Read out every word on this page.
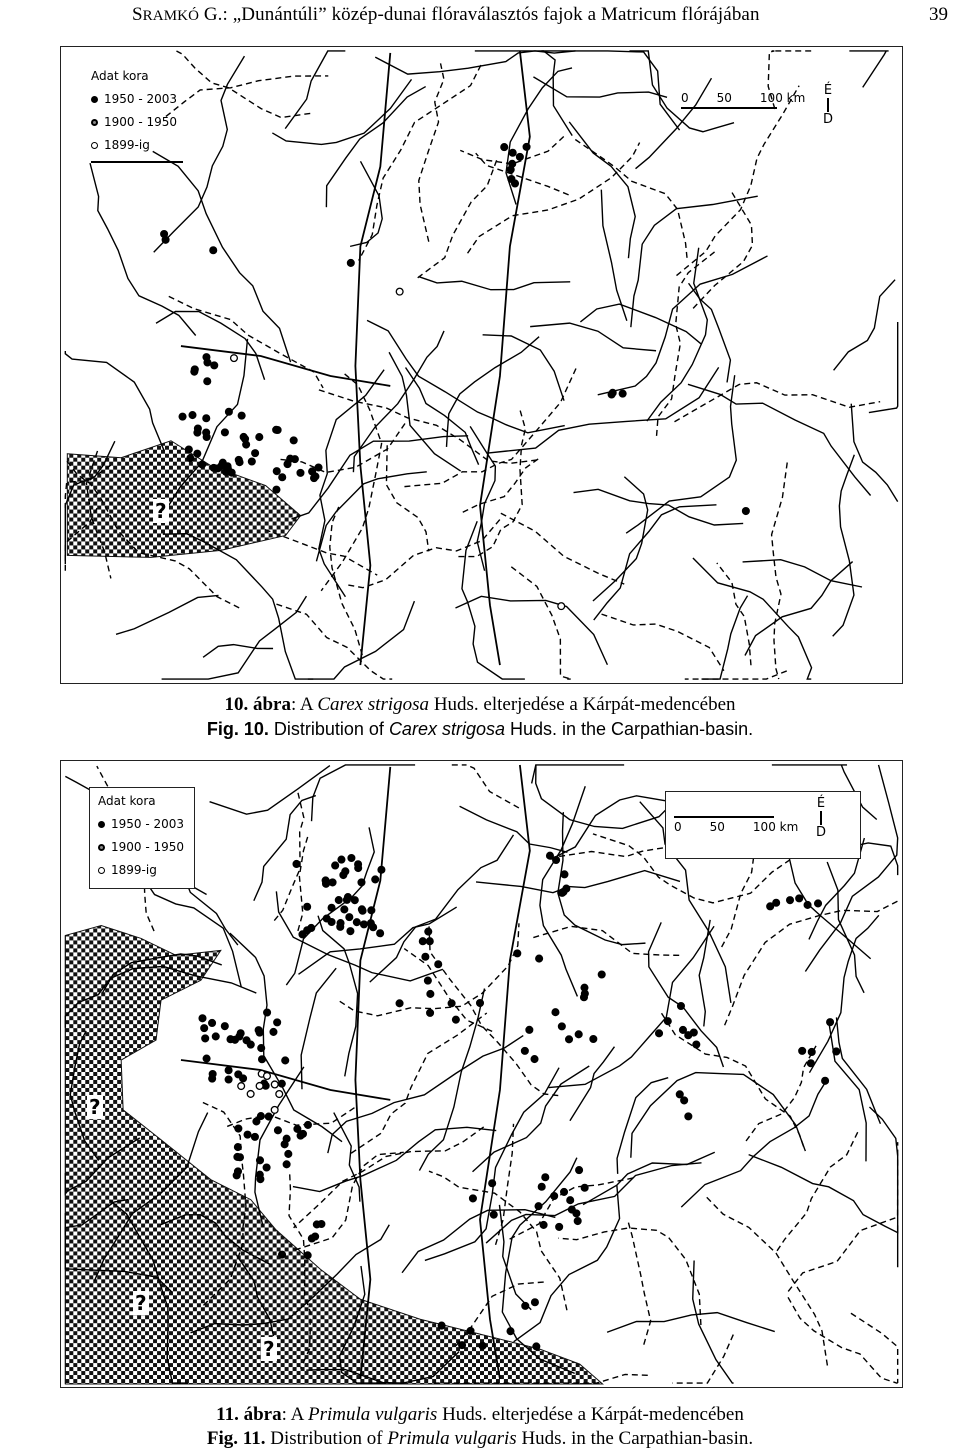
SRAMKÓ G.: „Dunántúli” közép-dunai flóraválasztós fajok a Matricum flórájában	39
Adat kora
1950 - 2003
1900 - 1950
1899-ig
0 50 100 km É
D
?
10. ábra: A Carex strigosa Huds. elterjedése a Kárpát-medencében
Fig. 10. Distribution of Carex strigosa Huds. in the Carpathian-basin.
Adat kora
1950 - 2003
1900 - 1950
1899-ig
0 50 100 km
É
D
?
?
?
11. ábra: A Primula vulgaris Huds. elterjedése a Kárpát-medencében
Fig. 11. Distribution of Primula vulgaris Huds. in the Carpathian-basin.
